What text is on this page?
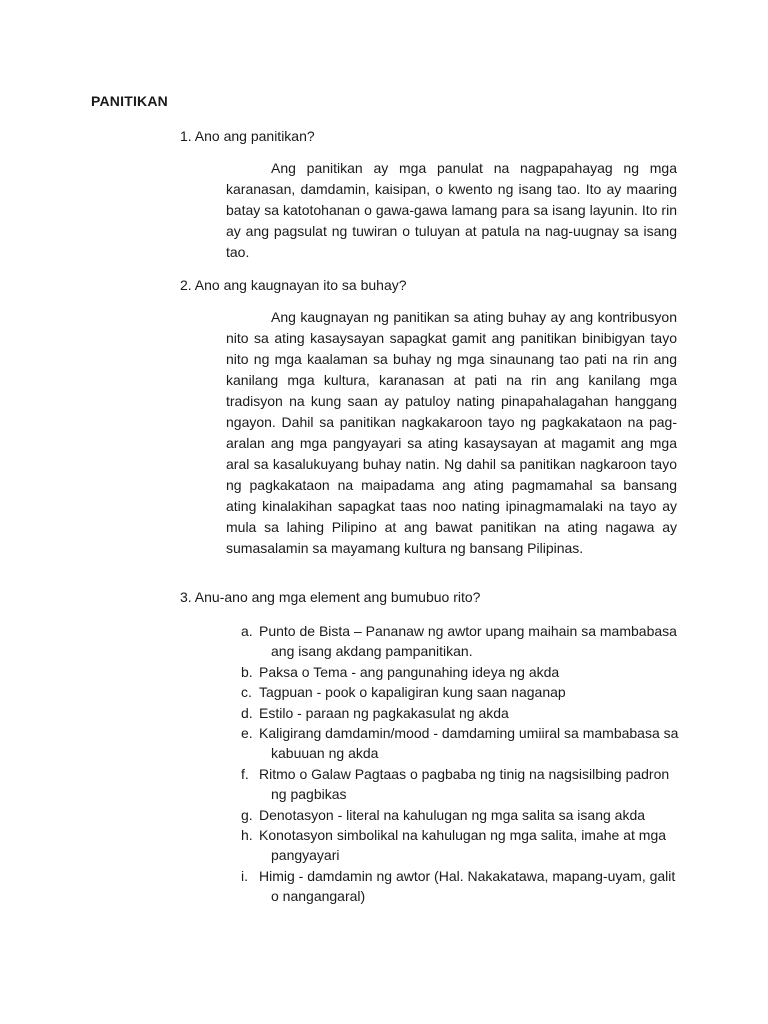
PANITIKAN
1. Ano ang panitikan?

Ang panitikan ay mga panulat na nagpapahayag ng mga karanasan, damdamin, kaisipan, o kwento ng isang tao. Ito ay maaring batay sa katotohanan o gawa-gawa lamang para sa isang layunin. Ito rin ay ang pagsulat ng tuwiran o tuluyan at patula na nag-uugnay sa isang tao.

2. Ano ang kaugnayan ito sa buhay?

Ang kaugnayan ng panitikan sa ating buhay ay ang kontribusyon nito sa ating kasaysayan sapagkat gamit ang panitikan binibigyan tayo nito ng mga kaalaman sa buhay ng mga sinaunang tao pati na rin ang kanilang mga kultura, karanasan at pati na rin ang kanilang mga tradisyon na kung saan ay patuloy nating pinapahalagahan hanggang ngayon. Dahil sa panitikan nagkakaroon tayo ng pagkakataon na pag-aralan ang mga pangyayari sa ating kasaysayan at magamit ang mga aral sa kasalukuyang buhay natin. Ng dahil sa panitikan nagkaroon tayo ng pagkakataon na maipadama ang ating pagmamahal sa bansang ating kinalakihan sapagkat taas noo nating ipinagmamalaki na tayo ay mula sa lahing Pilipino at ang bawat panitikan na ating nagawa ay sumasalamin sa mayamang kultura ng bansang Pilipinas.

3. Anu-ano ang mga element ang bumubuo rito?
a. Punto de Bista – Pananaw ng awtor upang maihain sa mambabasa ang isang akdang pampanitikan.
b. Paksa o Tema - ang pangunahing ideya ng akda
c. Tagpuan - pook o kapaligiran kung saan naganap
d. Estilo - paraan ng pagkakasulat ng akda
e. Kaligirang damdamin/mood - damdaming umiiral sa mambabasa sa kabuuan ng akda
f. Ritmo o Galaw Pagtaas o pagbaba ng tinig na nagsisilbing padron ng pagbikas
g. Denotasyon - literal na kahulugan ng mga salita sa isang akda
h. Konotasyon simbolikal na kahulugan ng mga salita, imahe at mga pangyayari
i. Himig - damdamin ng awtor (Hal. Nakakatawa, mapang-uyam, galit o nangangaral)
